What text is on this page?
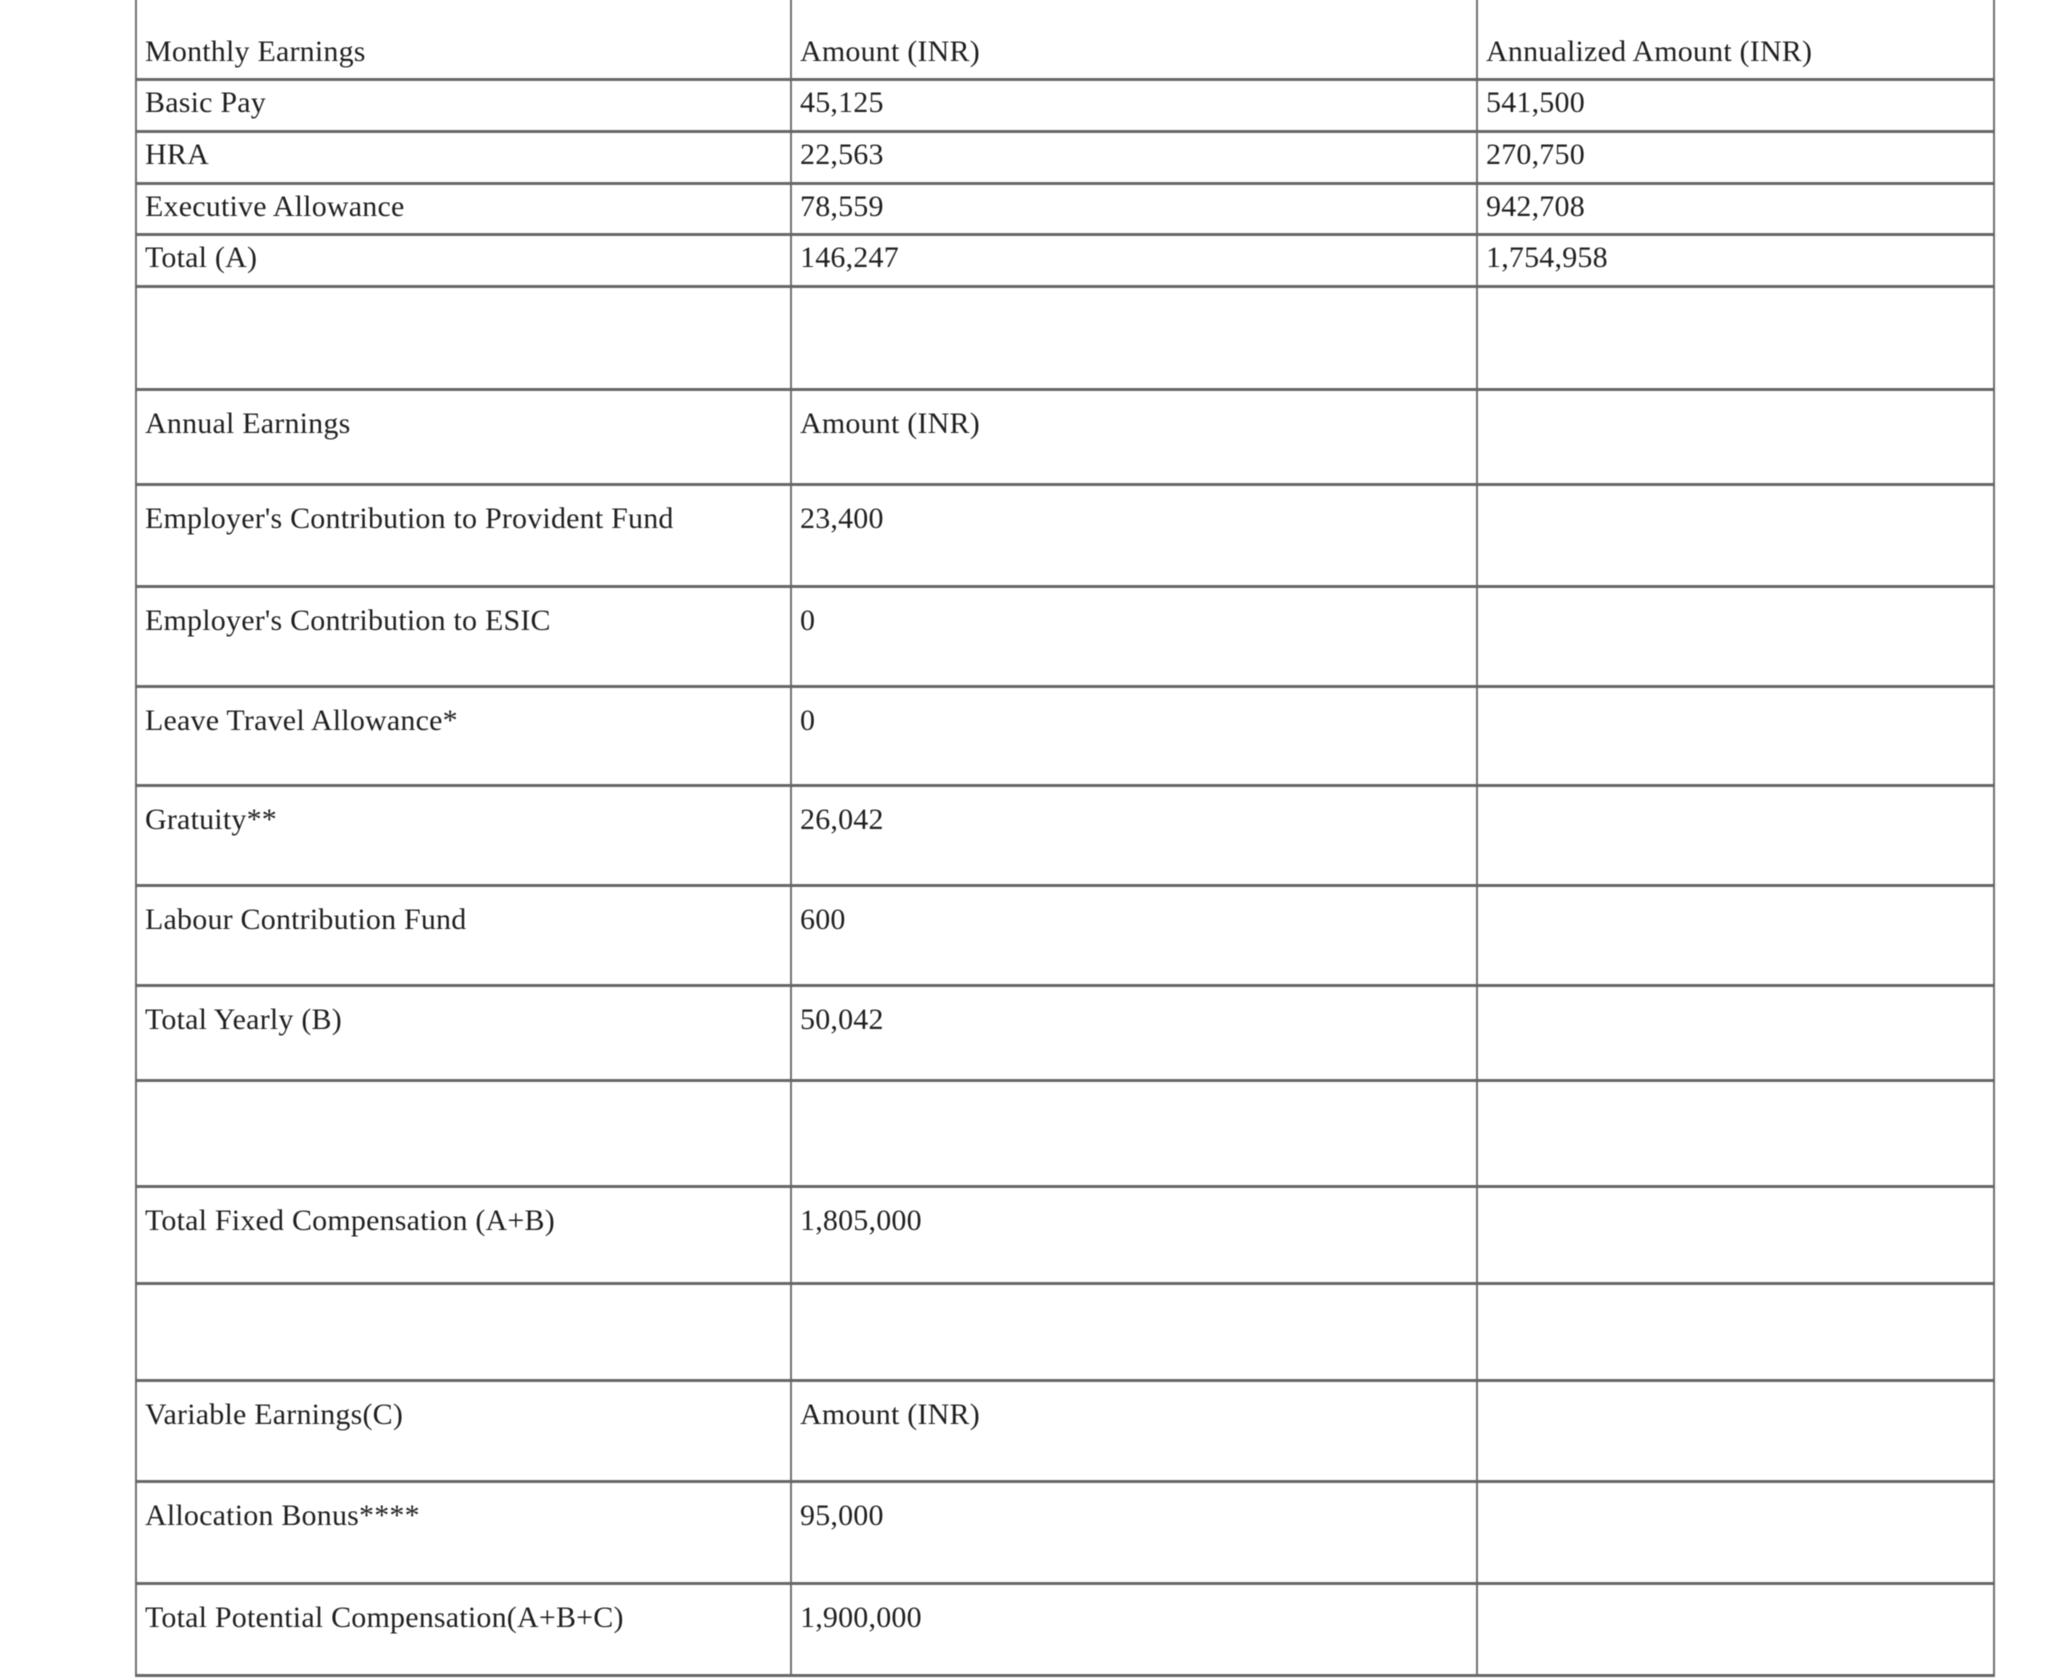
Monthly Earnings	Amount (INR)	Annualized Amount (INR)
Basic Pay	45,125	541,500
HRA	22,563	270,750
Executive Allowance	78,559	942,708
Total (A)	146,247	1,754,958

Annual Earnings	Amount (INR)	
Employer's Contribution to Provident Fund	23,400	
Employer's Contribution to ESIC	0	
Leave Travel Allowance*	0	
Gratuity**	26,042	
Labour Contribution Fund	600	
Total Yearly (B)	50,042	

Total Fixed Compensation (A+B)	1,805,000	

Variable Earnings(C)	Amount (INR)	
Allocation Bonus****	95,000	
Total Potential Compensation(A+B+C)	1,900,000	
